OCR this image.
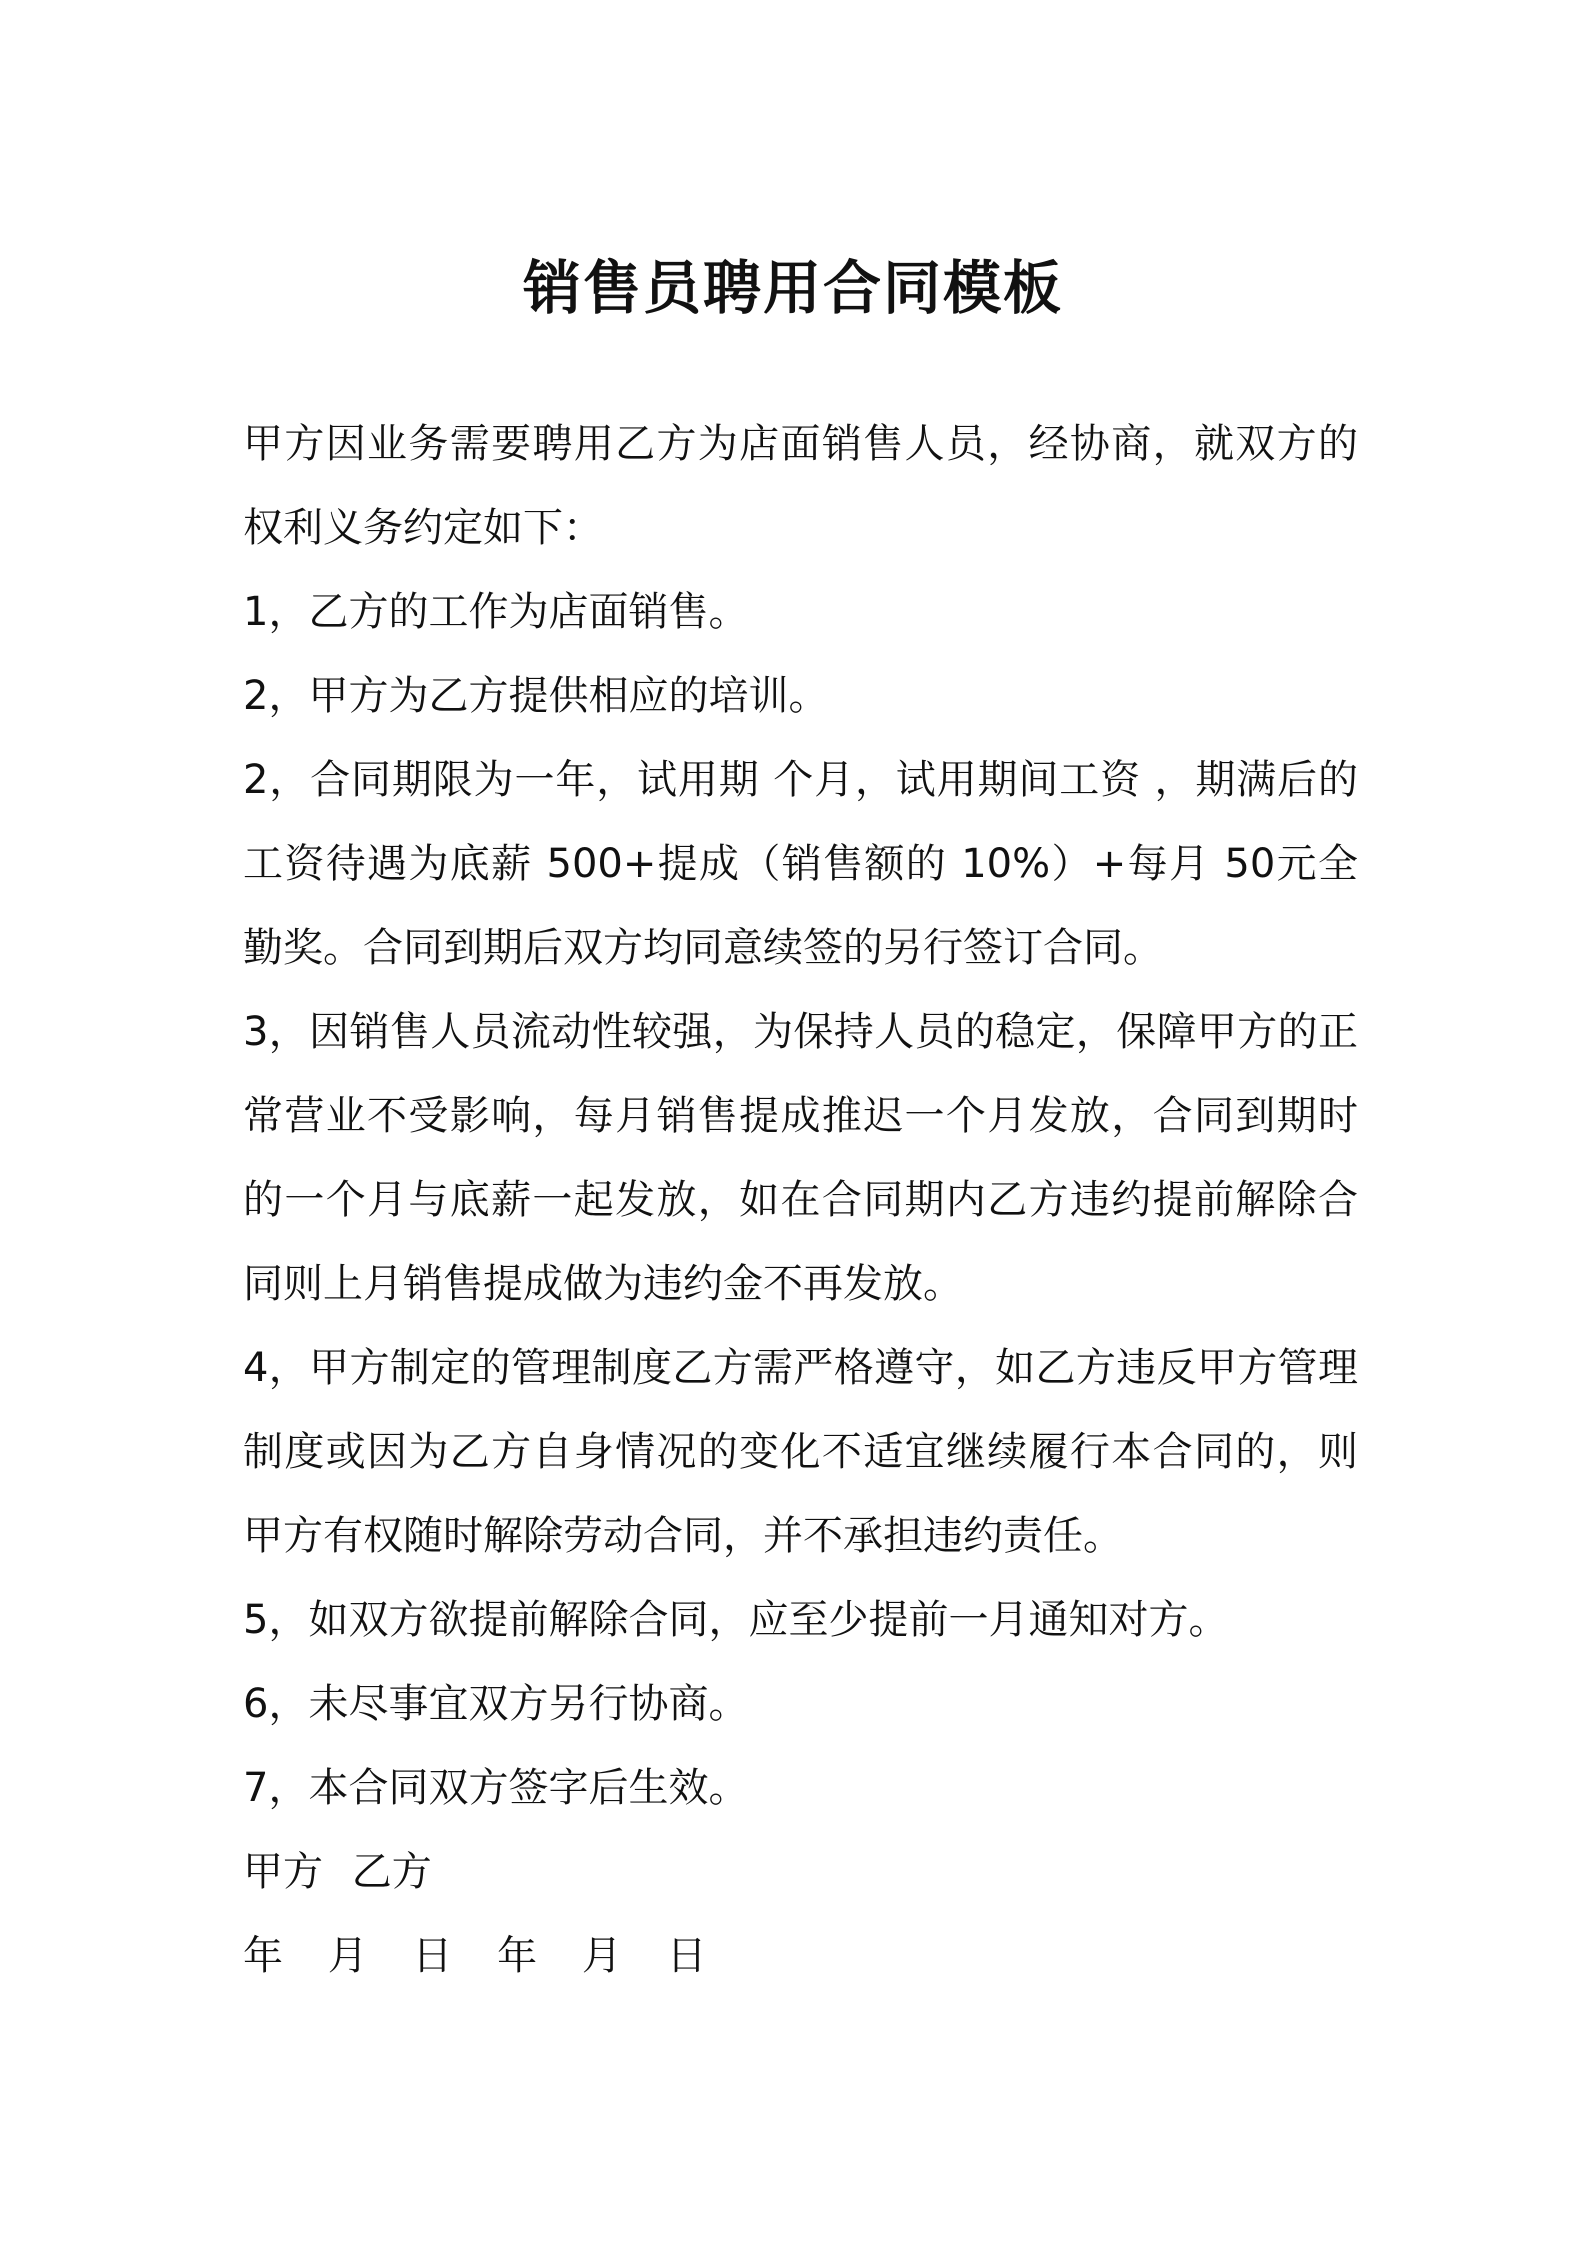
销售员聘用合同模板

甲方因业务需要聘用乙方为店面销售人员，经协商，就双方的权利义务约定如下：

1，乙方的工作为店面销售。

2，甲方为乙方提供相应的培训。

2，合同期限为一年，试用期 个月，试用期间工资 ，期满后的工资待遇为底薪 500+提成（销售额的 10%）+每月 50元全勤奖。合同到期后双方均同意续签的另行签订合同。

3，因销售人员流动性较强，为保持人员的稳定，保障甲方的正常营业不受影响，每月销售提成推迟一个月发放，合同到期时的一个月与底薪一起发放，如在合同期内乙方违约提前解除合同则上月销售提成做为违约金不再发放。

4，甲方制定的管理制度乙方需严格遵守，如乙方违反甲方管理制度或因为乙方自身情况的变化不适宜继续履行本合同的，则甲方有权随时解除劳动合同，并不承担违约责任。

5，如双方欲提前解除合同，应至少提前一月通知对方。

6，未尽事宜双方另行协商。

7，本合同双方签字后生效。

甲方 乙方

年 月 日 年 月 日
